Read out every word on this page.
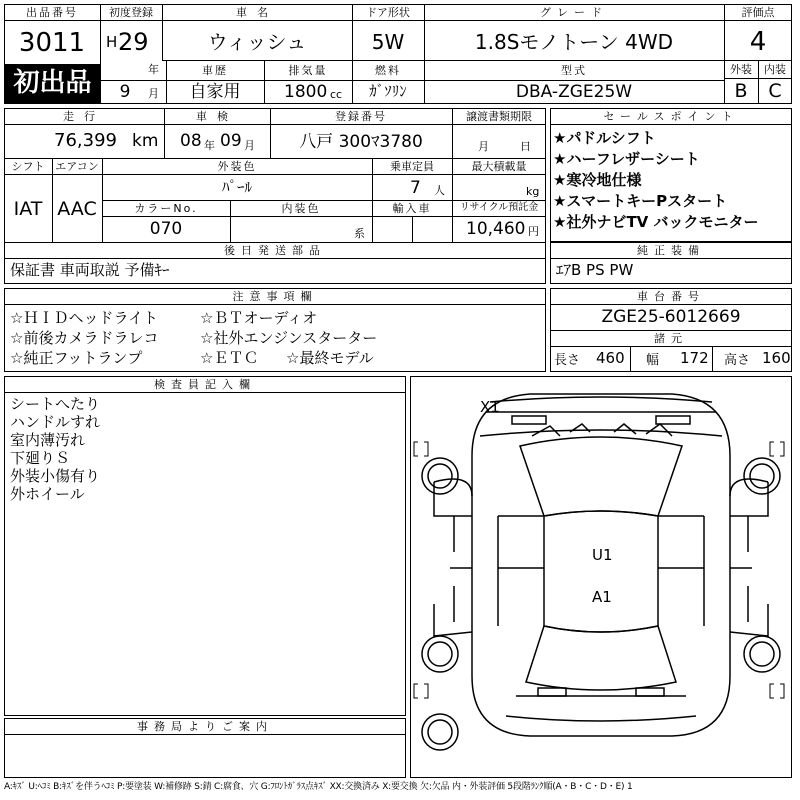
出品番号
3011
初出品
初度登録
H 29
年
9	月
車名
ウィッシュ
ドア形状
5W
グレード
1.8Sモノトーン 4WD
評価点
4
車歴
自家用
排気量
1800 cc
燃料
ｶﾞｿﾘﾝ
型式
DBA-ZGE25W
外装	内装
B	C
走行
76,399 km
車検
08 年 09 月
登録番号
八戸 300ﾏ3780
譲渡書類期限
月	日
シフト エアコン
IAT AAC
外装色
ﾊﾟｰﾙ
乗車定員
7 人
最大積載量
kg
カラーNo.
070
内装色
系
輸入車	リサイクル預託金
10,460 円
後日発送部品
保証書 車両取説 予備ｷｰ
セールスポイント
★パドルシフト
★ハーフレザーシート
★寒冷地仕様
★スマートキーPスタート
★社外ナビTV バックモニター
純正装備
ｴｱB PS PW
注意事項欄
☆ＨＩＤヘッドライト	☆ＢＴオーディオ
☆前後カメラドラレコ	☆社外エンジンスターター
☆純正フットランプ	☆ＥＴＣ ☆最終モデル
車台番号
ZGE25-6012669
諸元
長さ 460 幅 172 高さ 160
検査員記入欄
シートへたり
ハンドルすれ
室内薄汚れ
下廻りＳ
外装小傷有り
外ホイール
事務局よりご案内
X1
U1
A1
A:ｷｽﾞ U:ﾍｺﾐ B:ｷｽﾞを伴うﾍｺﾐ P:要塗装 W:補修跡 S:錆 C:腐食、穴 G:ﾌﾛﾝﾄｶﾞﾗｽ点ｷｽﾞ XX:交換済み X:要交換 欠:欠品 内・外装評価 5段階ﾗﾝｸ順(A・B・C・D・E) 1
